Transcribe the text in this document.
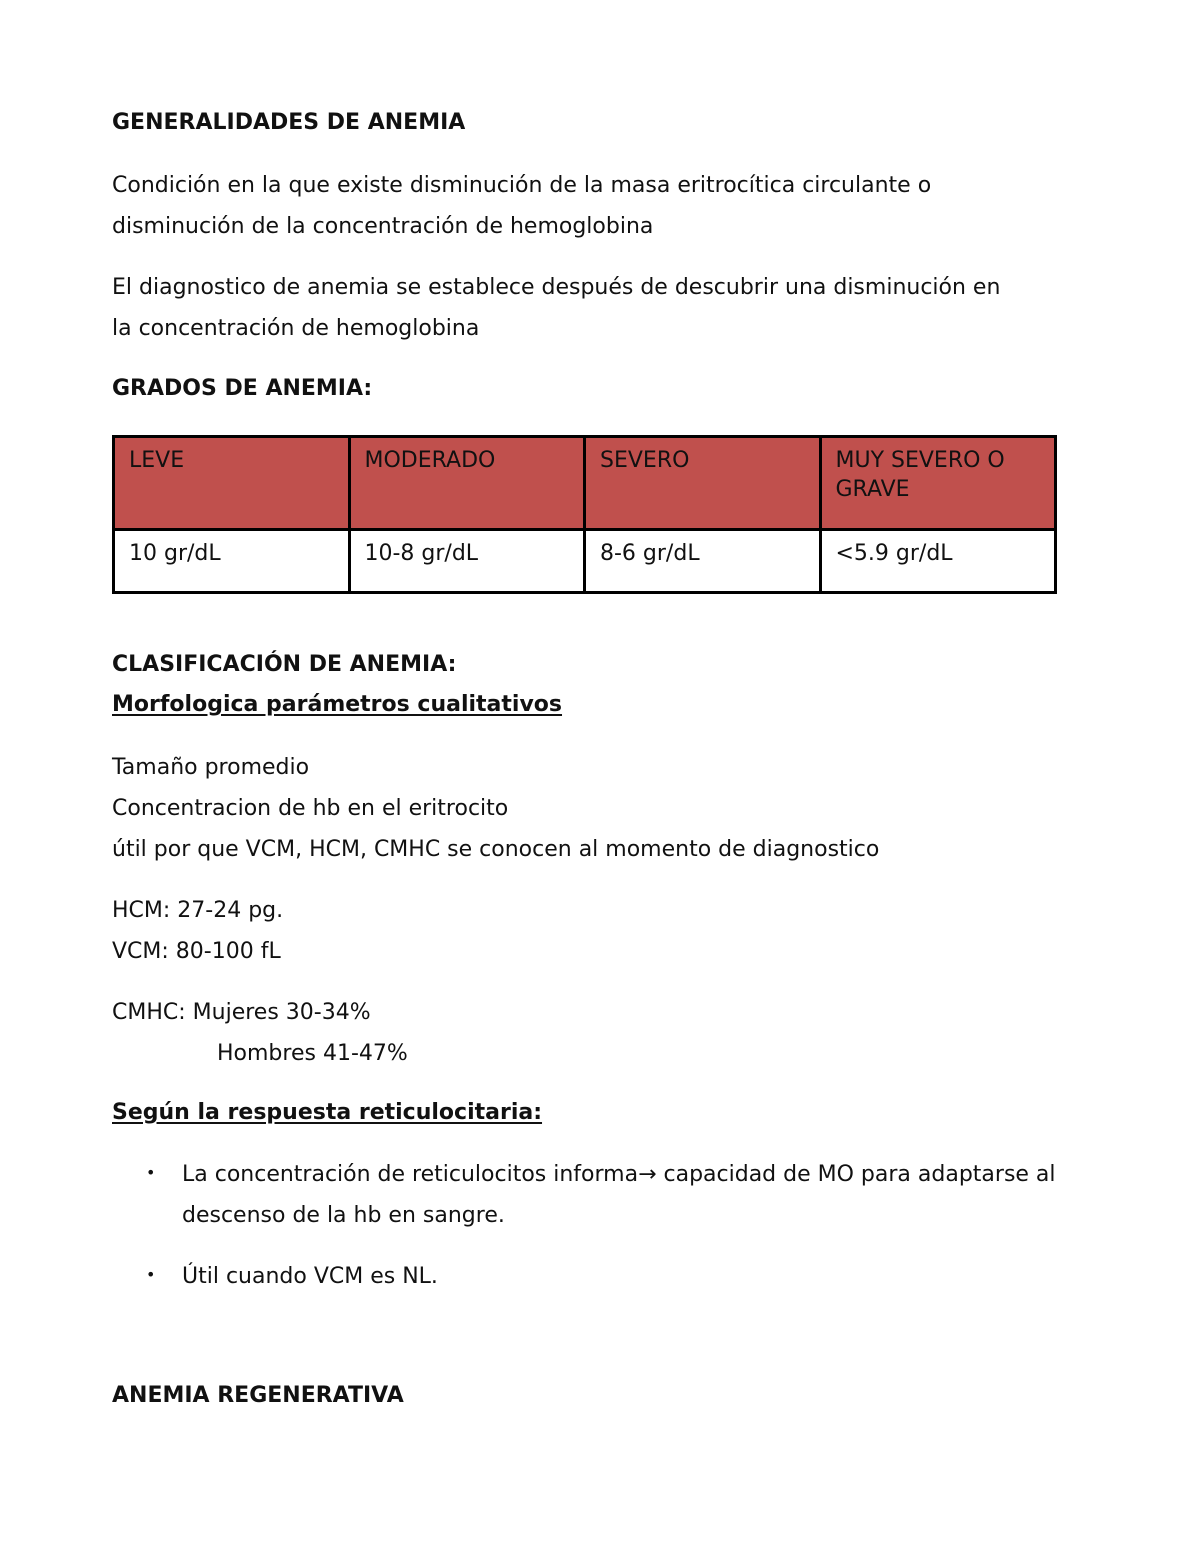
GENERALIDADES DE ANEMIA
Condición en la que existe disminución de la masa eritrocítica circulante o
disminución de la concentración de hemoglobina
El diagnostico de anemia se establece después de descubrir una disminución en
la concentración de hemoglobina
GRADOS DE ANEMIA:
LEVE	MODERADO	SEVERO	MUY SEVERO O GRAVE
10 gr/dL	10-8 gr/dL	8-6 gr/dL	<5.9 gr/dL
CLASIFICACIÓN DE ANEMIA:
Morfologica parámetros cualitativos
Tamaño promedio
Concentracion de hb en el eritrocito
útil por que VCM, HCM, CMHC se conocen al momento de diagnostico
HCM: 27-24 pg.
VCM: 80-100 fL
CMHC: Mujeres 30-34%
Hombres 41-47%
Según la respuesta reticulocitaria:
• La concentración de reticulocitos informa→ capacidad de MO para adaptarse al descenso de la hb en sangre.
• Útil cuando VCM es NL.
ANEMIA REGENERATIVA
